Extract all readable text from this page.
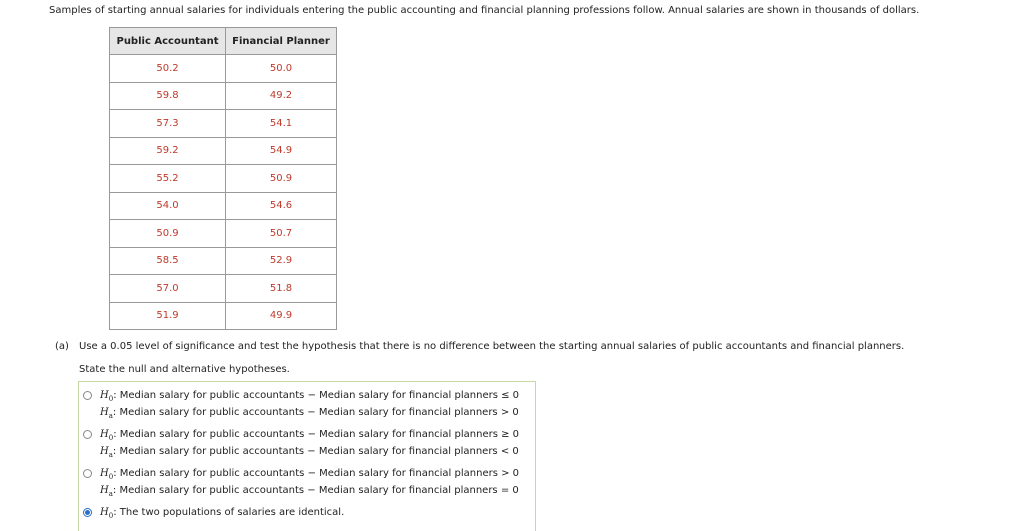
Samples of starting annual salaries for individuals entering the public accounting and financial planning professions follow. Annual salaries are shown in thousands of dollars.
Public Accountant	Financial Planner
50.2	50.0
59.8	49.2
57.3	54.1
59.2	54.9
55.2	50.9
54.0	54.6
50.9	50.7
58.5	52.9
57.0	51.8
51.9	49.9
(a) Use a 0.05 level of significance and test the hypothesis that there is no difference between the starting annual salaries of public accountants and financial planners.
State the null and alternative hypotheses.
$H_0$: Median salary for public accountants − Median salary for financial planners ≤ 0
$H_a$: Median salary for public accountants − Median salary for financial planners > 0
$H_0$: Median salary for public accountants − Median salary for financial planners ≥ 0
$H_a$: Median salary for public accountants − Median salary for financial planners < 0
$H_0$: Median salary for public accountants − Median salary for financial planners > 0
$H_a$: Median salary for public accountants − Median salary for financial planners = 0
$H_0$: The two populations of salaries are identical.
